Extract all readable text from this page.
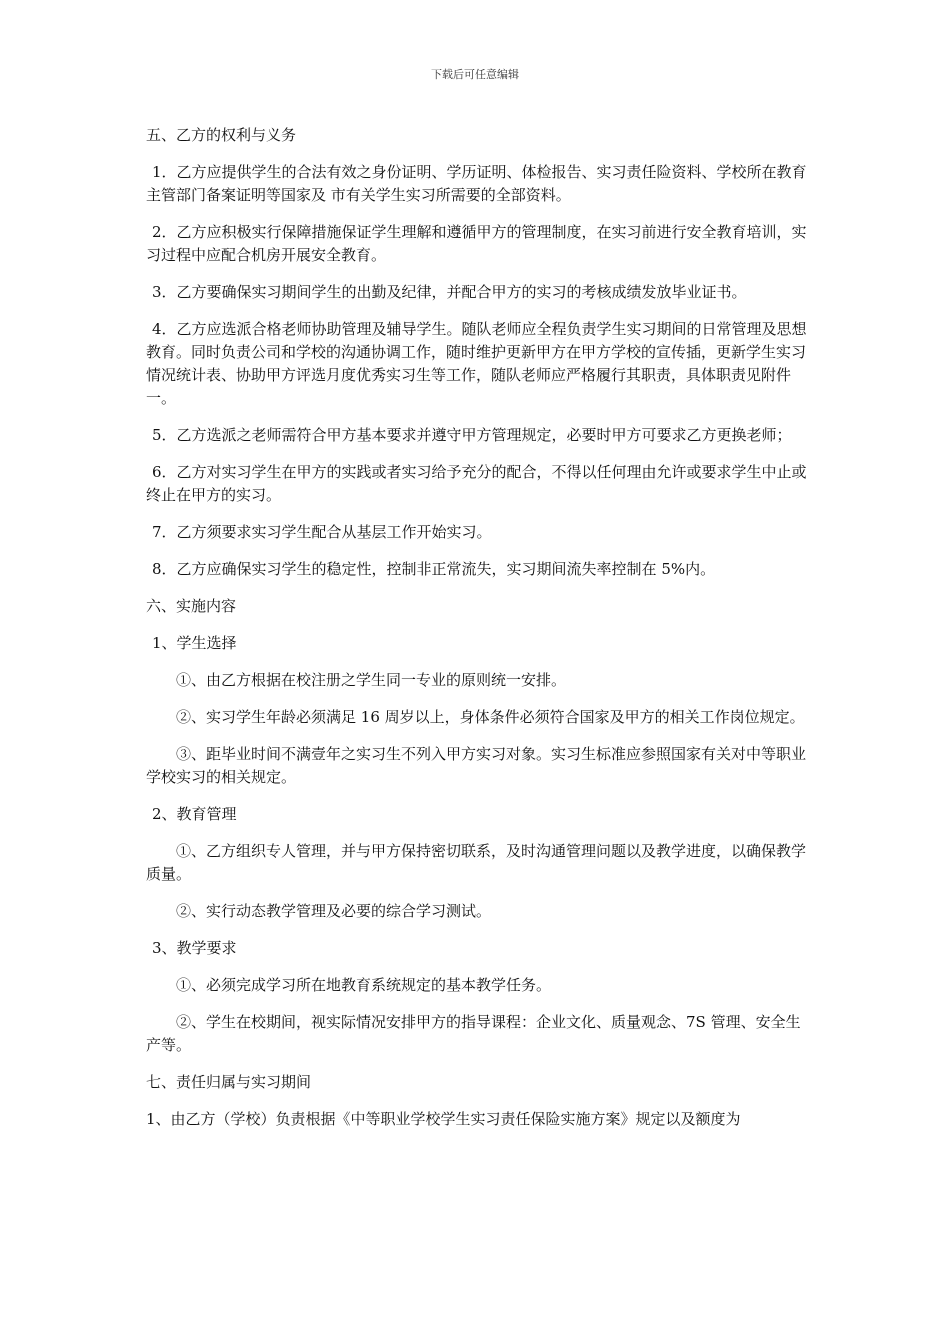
下载后可任意编辑

五、乙方的权利与义务

1．乙方应提供学生的合法有效之身份证明、学历证明、体检报告、实习责任险资料、学校所在教育主管部门备案证明等国家及 市有关学生实习所需要的全部资料。

2．乙方应积极实行保障措施保证学生理解和遵循甲方的管理制度，在实习前进行安全教育培训，实习过程中应配合机房开展安全教育。

3．乙方要确保实习期间学生的出勤及纪律，并配合甲方的实习的考核成绩发放毕业证书。

4．乙方应选派合格老师协助管理及辅导学生。随队老师应全程负责学生实习期间的日常管理及思想教育。同时负责公司和学校的沟通协调工作，随时维护更新甲方在甲方学校的宣传插，更新学生实习情况统计表、协助甲方评选月度优秀实习生等工作，随队老师应严格履行其职责，具体职责见附件一。

5．乙方选派之老师需符合甲方基本要求并遵守甲方管理规定，必要时甲方可要求乙方更换老师；

6．乙方对实习学生在甲方的实践或者实习给予充分的配合，不得以任何理由允许或要求学生中止或终止在甲方的实习。

7．乙方须要求实习学生配合从基层工作开始实习。

8．乙方应确保实习学生的稳定性，控制非正常流失，实习期间流失率控制在 5%内。

六、实施内容

1、学生选择

①、由乙方根据在校注册之学生同一专业的原则统一安排。

②、实习学生年龄必须满足 16 周岁以上，身体条件必须符合国家及甲方的相关工作岗位规定。

③、距毕业时间不满壹年之实习生不列入甲方实习对象。实习生标准应参照国家有关对中等职业学校实习的相关规定。

2、教育管理

①、乙方组织专人管理，并与甲方保持密切联系，及时沟通管理问题以及教学进度，以确保教学质量。

②、实行动态教学管理及必要的综合学习测试。

3、教学要求

①、必须完成学习所在地教育系统规定的基本教学任务。

②、学生在校期间，视实际情况安排甲方的指导课程：企业文化、质量观念、7S 管理、安全生产等。

七、责任归属与实习期间

1、由乙方（学校）负责根据《中等职业学校学生实习责任保险实施方案》规定以及额度为
